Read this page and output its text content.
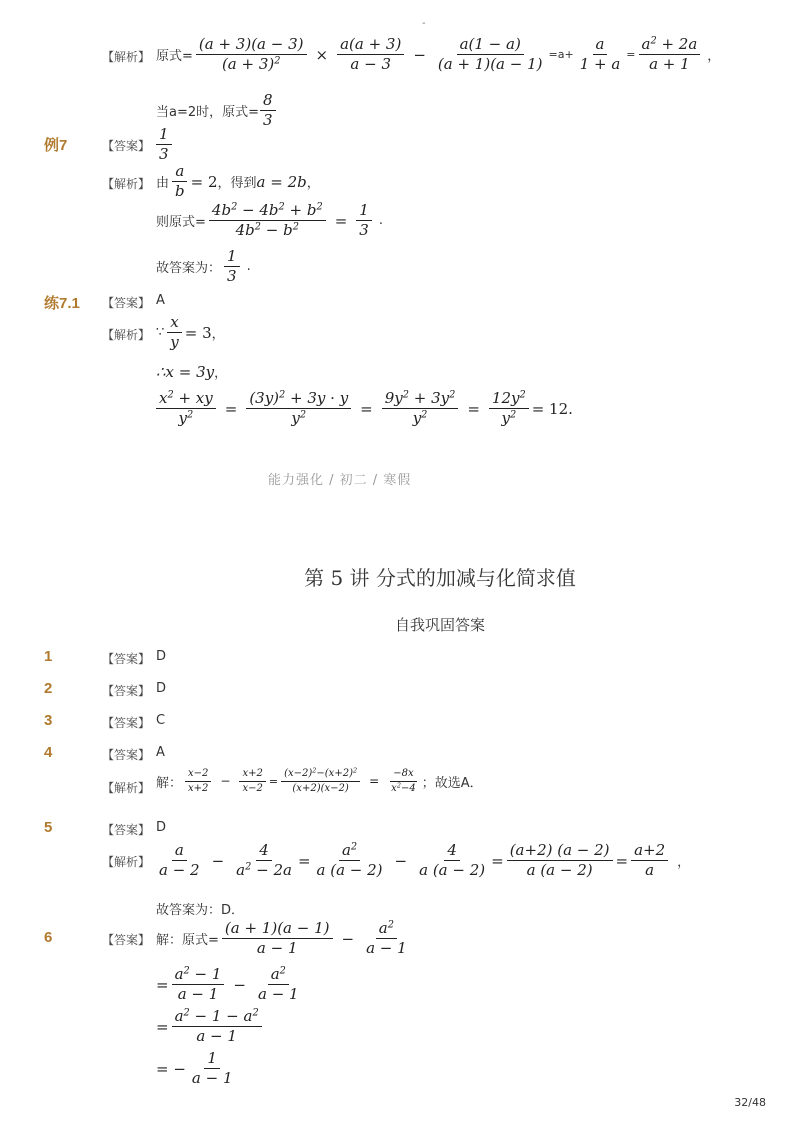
-
【解析】 原式= $\frac{(a + 3)(a - 3)}{(a + 3)^2} \times \frac{a(a + 3)}{a - 3} - \frac{a(1 - a)}{(a + 1)(a - 1)} =a+ \frac{a}{1 + a} = \frac{a^2 + 2a}{a + 1}$ ，
当a=2时，原式= $\frac{8}{3}$
例7	【答案】 $\frac{1}{3}$
【解析】 由 $\frac{a}{b} = 2$ ，得到 a = 2b ，
则原式= $\frac{4b^2 - 4b^2 + b^2}{4b^2 - b^2} = \frac{1}{3}$ .
故答案为： $\frac{1}{3}$ .
练7.1 【答案】 A
【解析】 ∵ $\frac{x}{y} = 3$ ，
∴x = 3y ，
$\frac{x^2 + xy}{y^2} = \frac{(3y)^2 + 3y \cdot y}{y^2} = \frac{9y^2 + 3y^2}{y^2} = \frac{12y^2}{y^2} = 12$.
能力强化 / 初二 / 寒假
第 5 讲 分式的加减与化简求值
自我巩固答案
1	【答案】 D
2	【答案】 D
3	【答案】 C
4	【答案】 A
【解析】 解： $\frac{x-2}{x+2} - \frac{x+2}{x-2} = \frac{(x-2)^2-(x+2)^2}{(x+2)(x-2)} = \frac{-8x}{x^2-4}$ ；故选A．
5	【答案】 D
【解析】 $\frac{a}{a - 2} - \frac{4}{a^2 - 2a} = \frac{a^2}{a (a - 2)} - \frac{4}{a (a - 2)} = \frac{(a+2) (a - 2)}{a (a - 2)} = \frac{a+2}{a}$ ，
故答案为：D．
6	【答案】 解：原式= $\frac{(a + 1)(a - 1)}{a - 1} - \frac{a^2}{a - 1}$
= $\frac{a^2 - 1}{a - 1} - \frac{a^2}{a - 1}$
= $\frac{a^2 - 1 - a^2}{a - 1}$
= − $\frac{1}{a - 1}$
32/48
